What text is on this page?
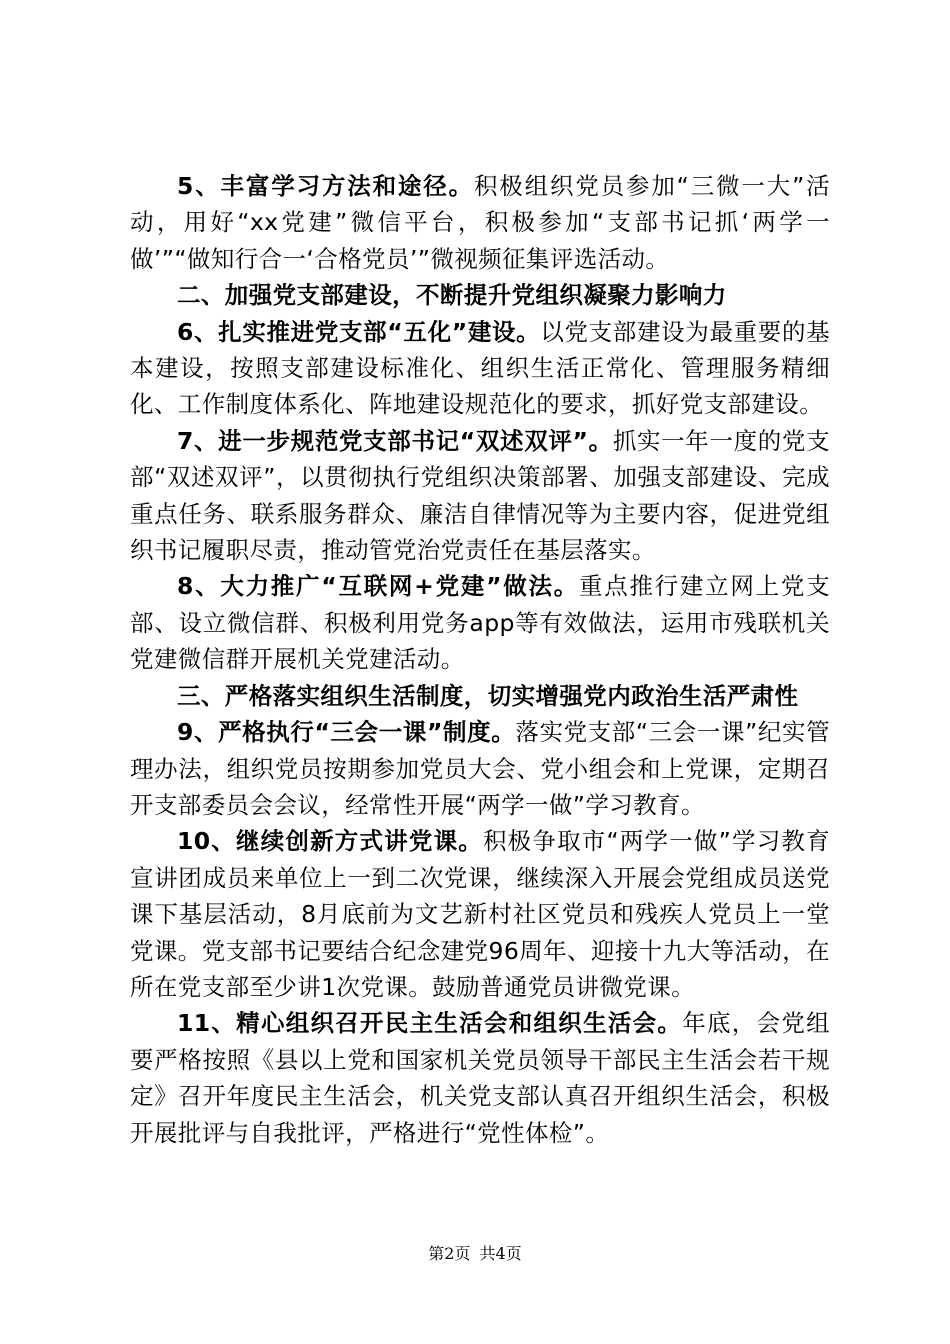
5、丰富学习方法和途径。积极组织党员参加“三微一大”活动，用好“xx党建”微信平台，积极参加“支部书记抓‘两学一做’”“做知行合一‘合格党员’”微视频征集评选活动。

二、加强党支部建设，不断提升党组织凝聚力影响力

6、扎实推进党支部“五化”建设。以党支部建设为最重要的基本建设，按照支部建设标准化、组织生活正常化、管理服务精细化、工作制度体系化、阵地建设规范化的要求，抓好党支部建设。

7、进一步规范党支部书记“双述双评”。抓实一年一度的党支部“双述双评”，以贯彻执行党组织决策部署、加强支部建设、完成重点任务、联系服务群众、廉洁自律情况等为主要内容，促进党组织书记履职尽责，推动管党治党责任在基层落实。

8、大力推广“互联网+党建”做法。重点推行建立网上党支部、设立微信群、积极利用党务app等有效做法，运用市残联机关党建微信群开展机关党建活动。

三、严格落实组织生活制度，切实增强党内政治生活严肃性

9、严格执行“三会一课”制度。落实党支部“三会一课”纪实管理办法，组织党员按期参加党员大会、党小组会和上党课，定期召开支部委员会会议，经常性开展“两学一做”学习教育。

10、继续创新方式讲党课。积极争取市“两学一做”学习教育宣讲团成员来单位上一到二次党课，继续深入开展会党组成员送党课下基层活动，8月底前为文艺新村社区党员和残疾人党员上一堂党课。党支部书记要结合纪念建党96周年、迎接十九大等活动，在所在党支部至少讲1次党课。鼓励普通党员讲微党课。

11、精心组织召开民主生活会和组织生活会。年底，会党组要严格按照《县以上党和国家机关党员领导干部民主生活会若干规定》召开年度民主生活会，机关党支部认真召开组织生活会，积极开展批评与自我批评，严格进行“党性体检”。

第2页 共4页
